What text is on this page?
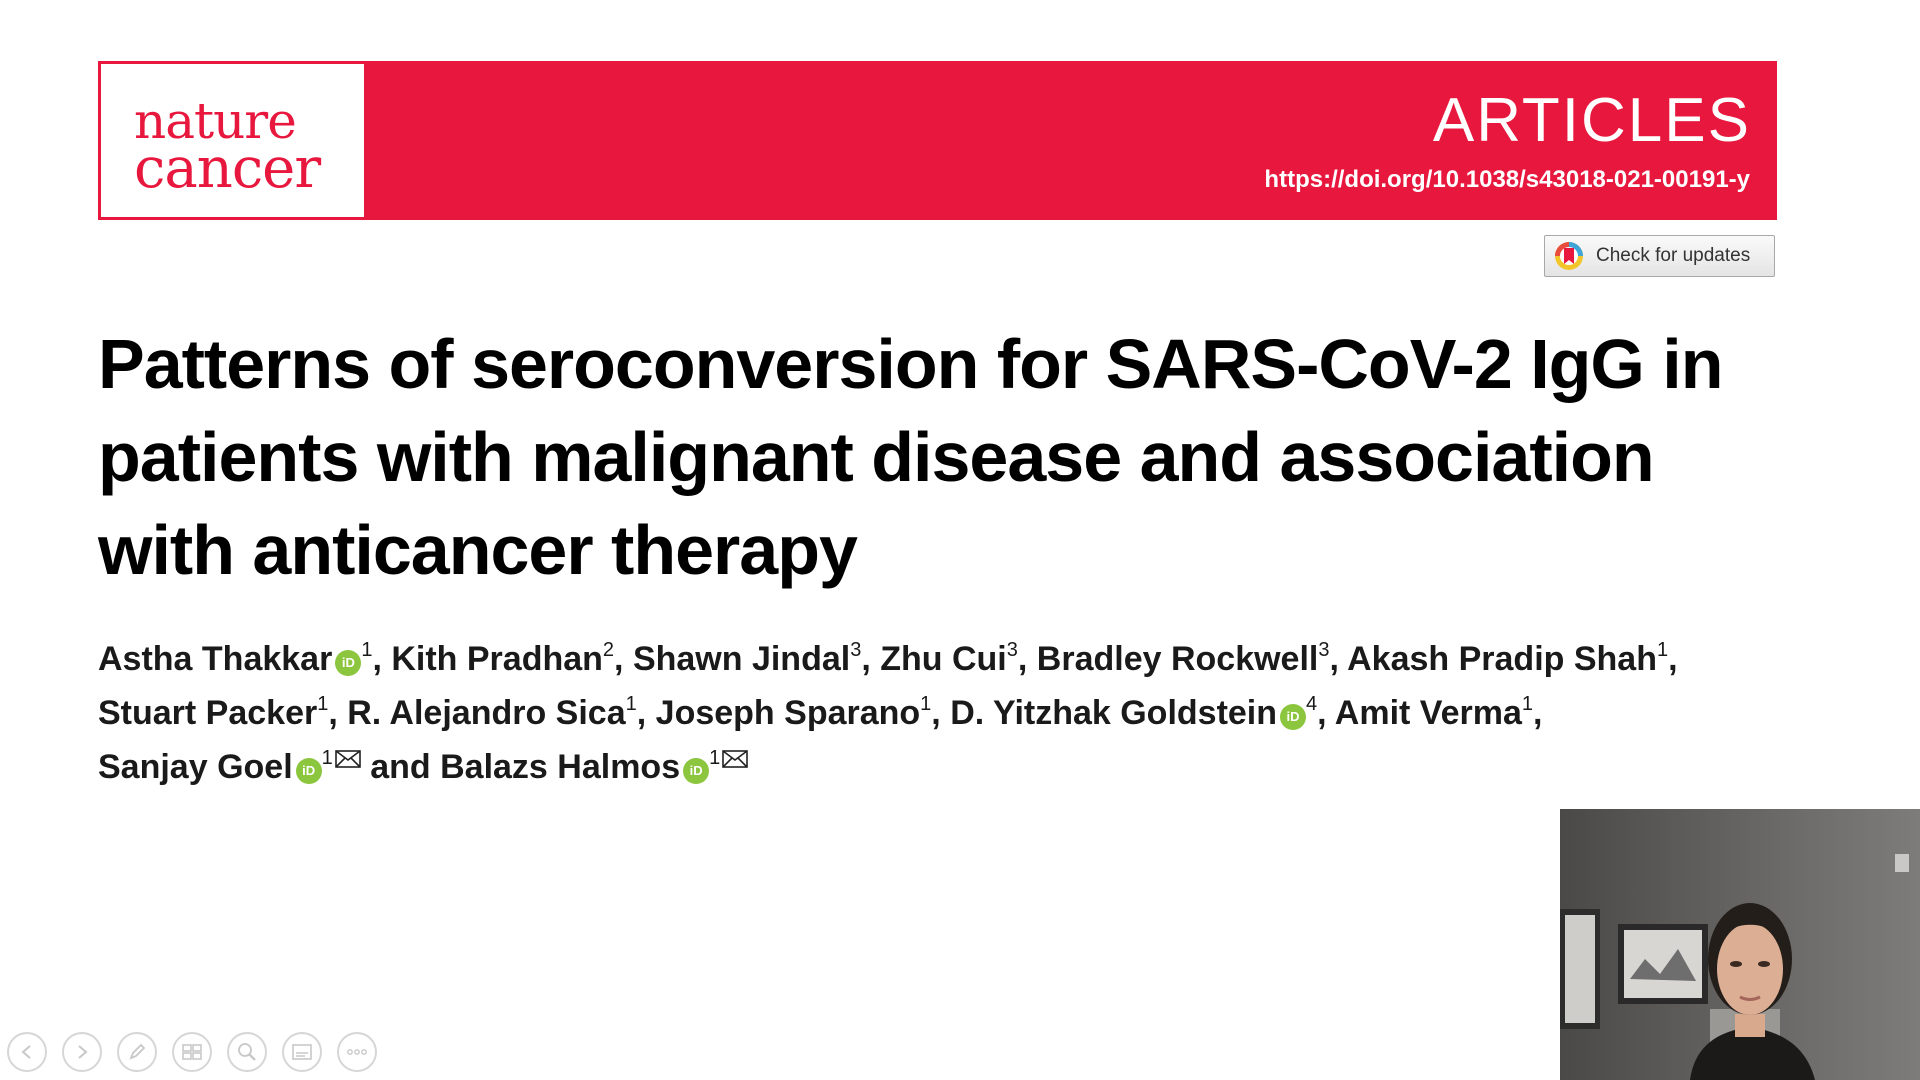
nature
cancer
ARTICLES
https://doi.org/10.1038/s43018-021-00191-y
Check for updates
Patterns of seroconversion for SARS-CoV-2 IgG in patients with malignant disease and association with anticancer therapy
Astha Thakkar $iD^1$, Kith Pradhan$^2$, Shawn Jindal$^3$, Zhu Cui$^3$, Bradley Rockwell$^3$, Akash Pradip Shah$^1$,
Stuart Packer$^1$, R. Alejandro Sica$^1$, Joseph Sparano$^1$, D. Yitzhak Goldstein $iD^4$, Amit Verma$^1$,
Sanjay Goel $iD^1$ and Balazs Halmos $iD^1$
